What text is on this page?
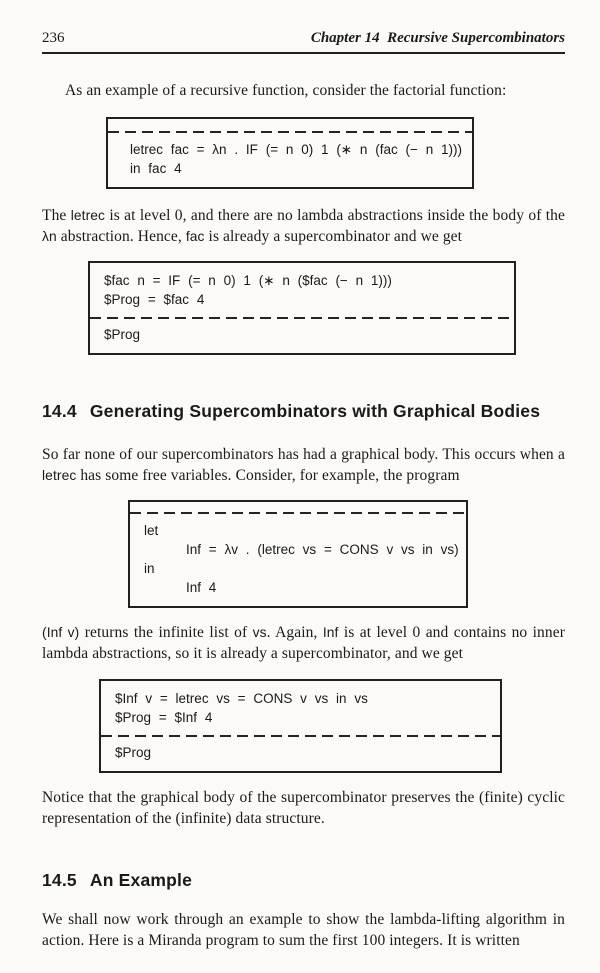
236	Chapter 14  Recursive Supercombinators

As an example of a recursive function, consider the factorial function:

letrec fac = λn . IF (= n 0) 1 (∗ n (fac (− n 1)))
in fac 4

The letrec is at level 0, and there are no lambda abstractions inside the body of the λn abstraction. Hence, fac is already a supercombinator and we get

$fac n = IF (= n 0) 1 (∗ n ($fac (− n 1)))
$Prog = $fac 4
$Prog
14.4 Generating Supercombinators with Graphical Bodies

So far none of our supercombinators has had a graphical body. This occurs when a letrec has some free variables. Consider, for example, the program

let
Inf = λv . (letrec vs = CONS v vs in vs)
in
Inf 4

(Inf v) returns the infinite list of vs. Again, Inf is at level 0 and contains no inner lambda abstractions, so it is already a supercombinator, and we get

$Inf v = letrec vs = CONS v vs in vs
$Prog = $Inf 4
$Prog

Notice that the graphical body of the supercombinator preserves the (finite) cyclic representation of the (infinite) data structure.

14.5 An Example

We shall now work through an example to show the lambda-lifting algorithm in action. Here is a Miranda program to sum the first 100 integers. It is written
